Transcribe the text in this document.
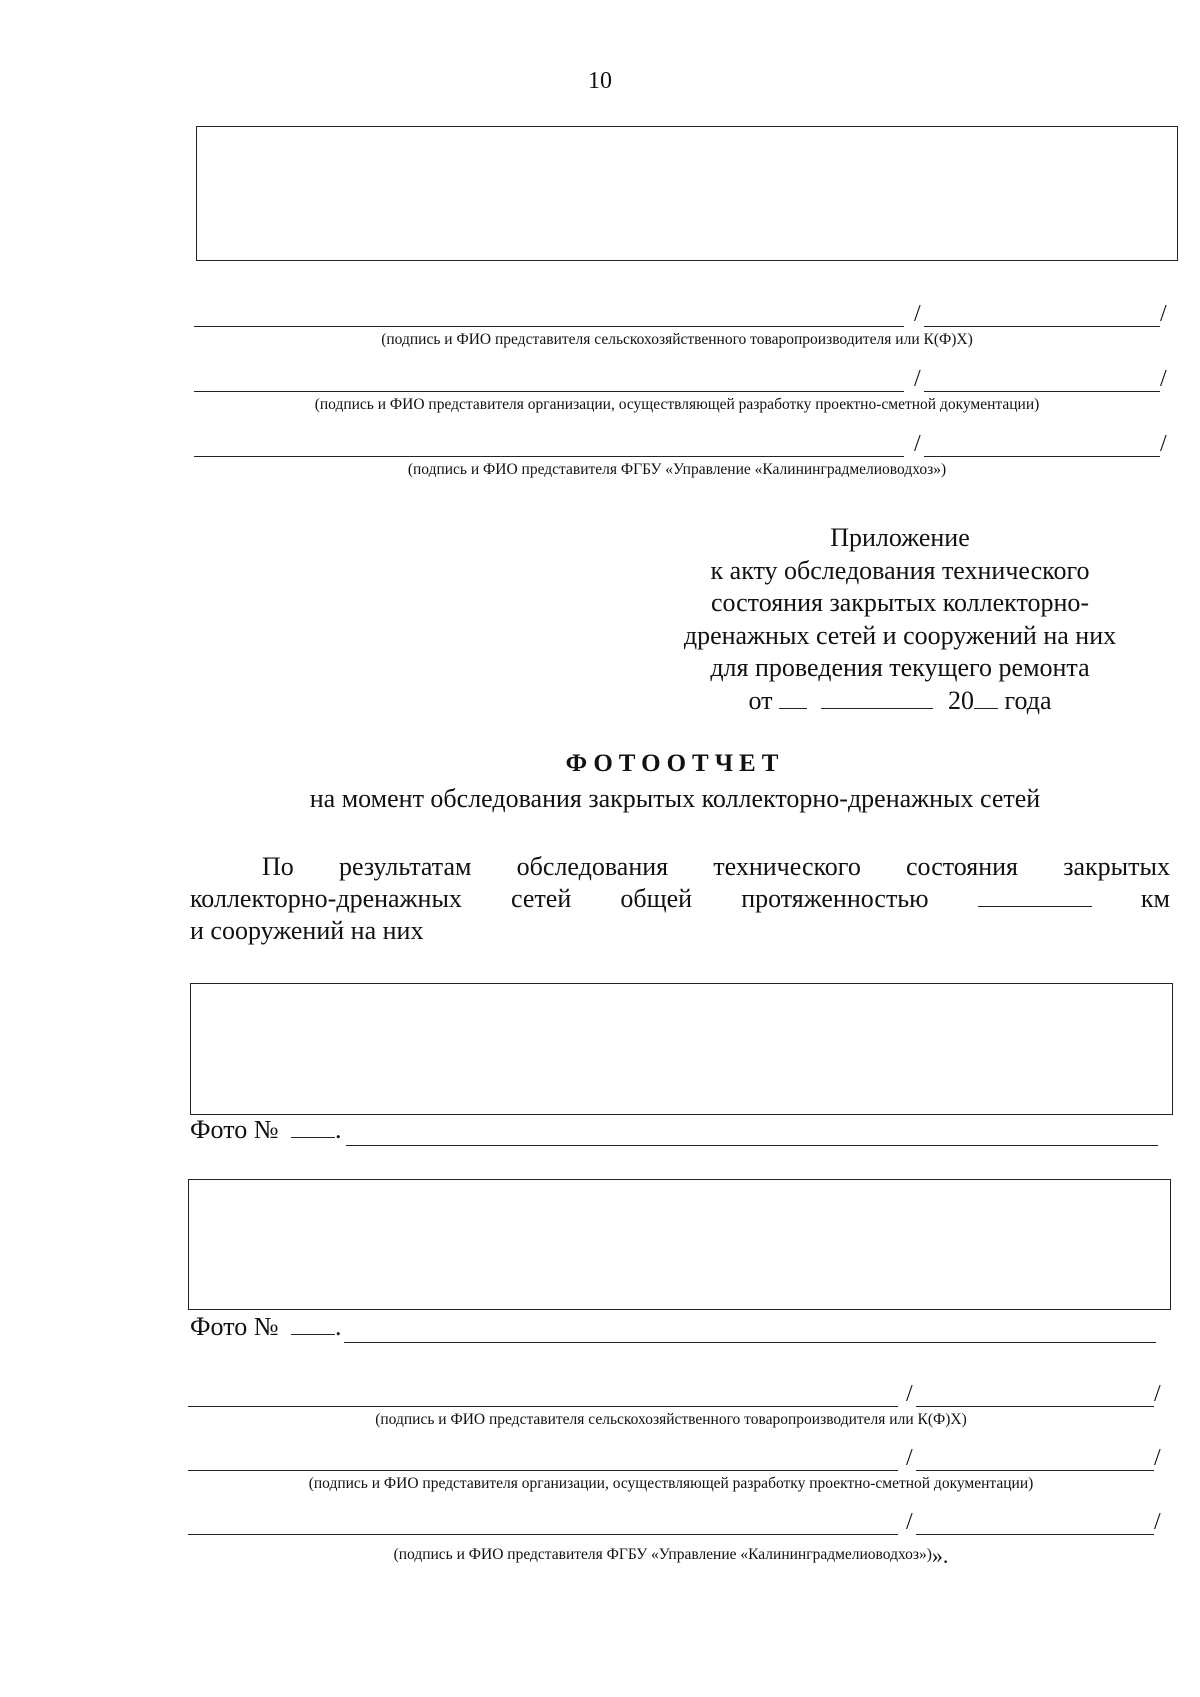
10
/	/
(подпись и ФИО представителя сельскохозяйственного товаропроизводителя или К(Ф)Х)
/	/
(подпись и ФИО представителя организации, осуществляющей разработку проектно-сметной документации)
/	/
(подпись и ФИО представителя ФГБУ «Управление «Калининградмелиоводхоз»)
Приложение
к акту обследования технического
состояния закрытых коллекторно-
дренажных сетей и сооружений на них
для проведения текущего ремонта
от	20 года
ФОТООТЧЕТ
на момент обследования закрытых коллекторно-дренажных сетей
По результатам обследования технического состояния закрытых
коллекторно-дренажных сетей общей протяженностью	км
и сооружений на них
Фото № .
Фото № .
/	/
(подпись и ФИО представителя сельскохозяйственного товаропроизводителя или К(Ф)Х)
/	/
(подпись и ФИО представителя организации, осуществляющей разработку проектно-сметной документации)
/	/
(подпись и ФИО представителя ФГБУ «Управление «Калининградмелиоводхоз»)».
